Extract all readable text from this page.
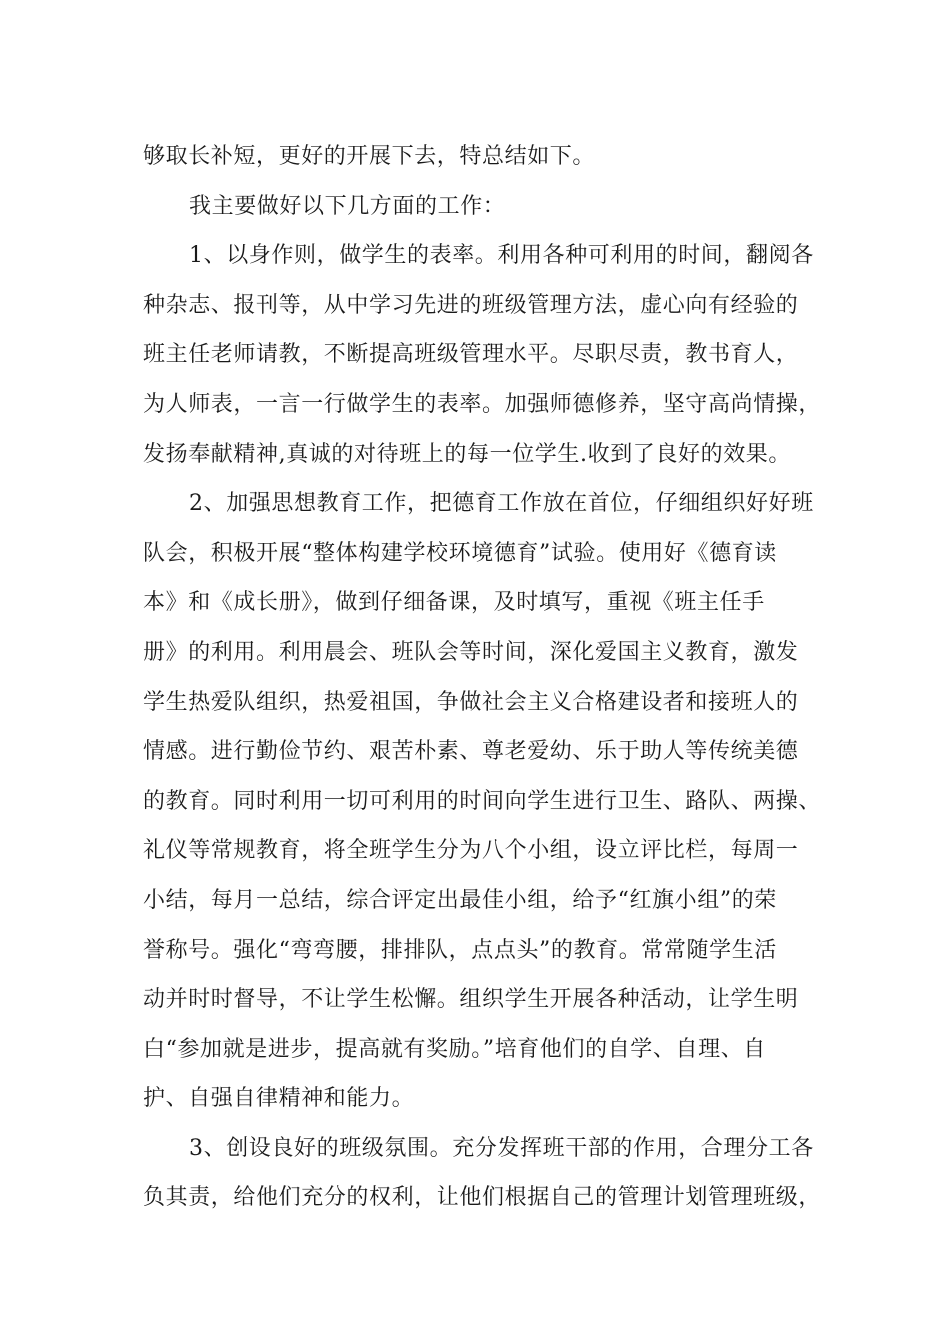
够取长补短，更好的开展下去，特总结如下。
我主要做好以下几方面的工作：
1、以身作则，做学生的表率。利用各种可利用的时间，翻阅各
种杂志、报刊等，从中学习先进的班级管理方法，虚心向有经验的
班主任老师请教，不断提高班级管理水平。尽职尽责，教书育人，
为人师表，一言一行做学生的表率。加强师德修养，坚守高尚情操，
发扬奉献精神,真诚的对待班上的每一位学生.收到了良好的效果。
2、加强思想教育工作，把德育工作放在首位，仔细组织好好班
队会，积极开展“整体构建学校环境德育”试验。使用好《德育读
本》和《成长册》，做到仔细备课，及时填写，重视《班主任手
册》的利用。利用晨会、班队会等时间，深化爱国主义教育，激发
学生热爱队组织，热爱祖国，争做社会主义合格建设者和接班人的
情感。进行勤俭节约、艰苦朴素、尊老爱幼、乐于助人等传统美德
的教育。同时利用一切可利用的时间向学生进行卫生、路队、两操、
礼仪等常规教育，将全班学生分为八个小组，设立评比栏，每周一
小结，每月一总结，综合评定出最佳小组，给予“红旗小组”的荣
誉称号。强化“弯弯腰，排排队，点点头”的教育。常常随学生活
动并时时督导，不让学生松懈。组织学生开展各种活动，让学生明
白“参加就是进步，提高就有奖励。”培育他们的自学、自理、自
护、自强自律精神和能力。
3、创设良好的班级氛围。充分发挥班干部的作用，合理分工各
负其责，给他们充分的权利，让他们根据自己的管理计划管理班级，
